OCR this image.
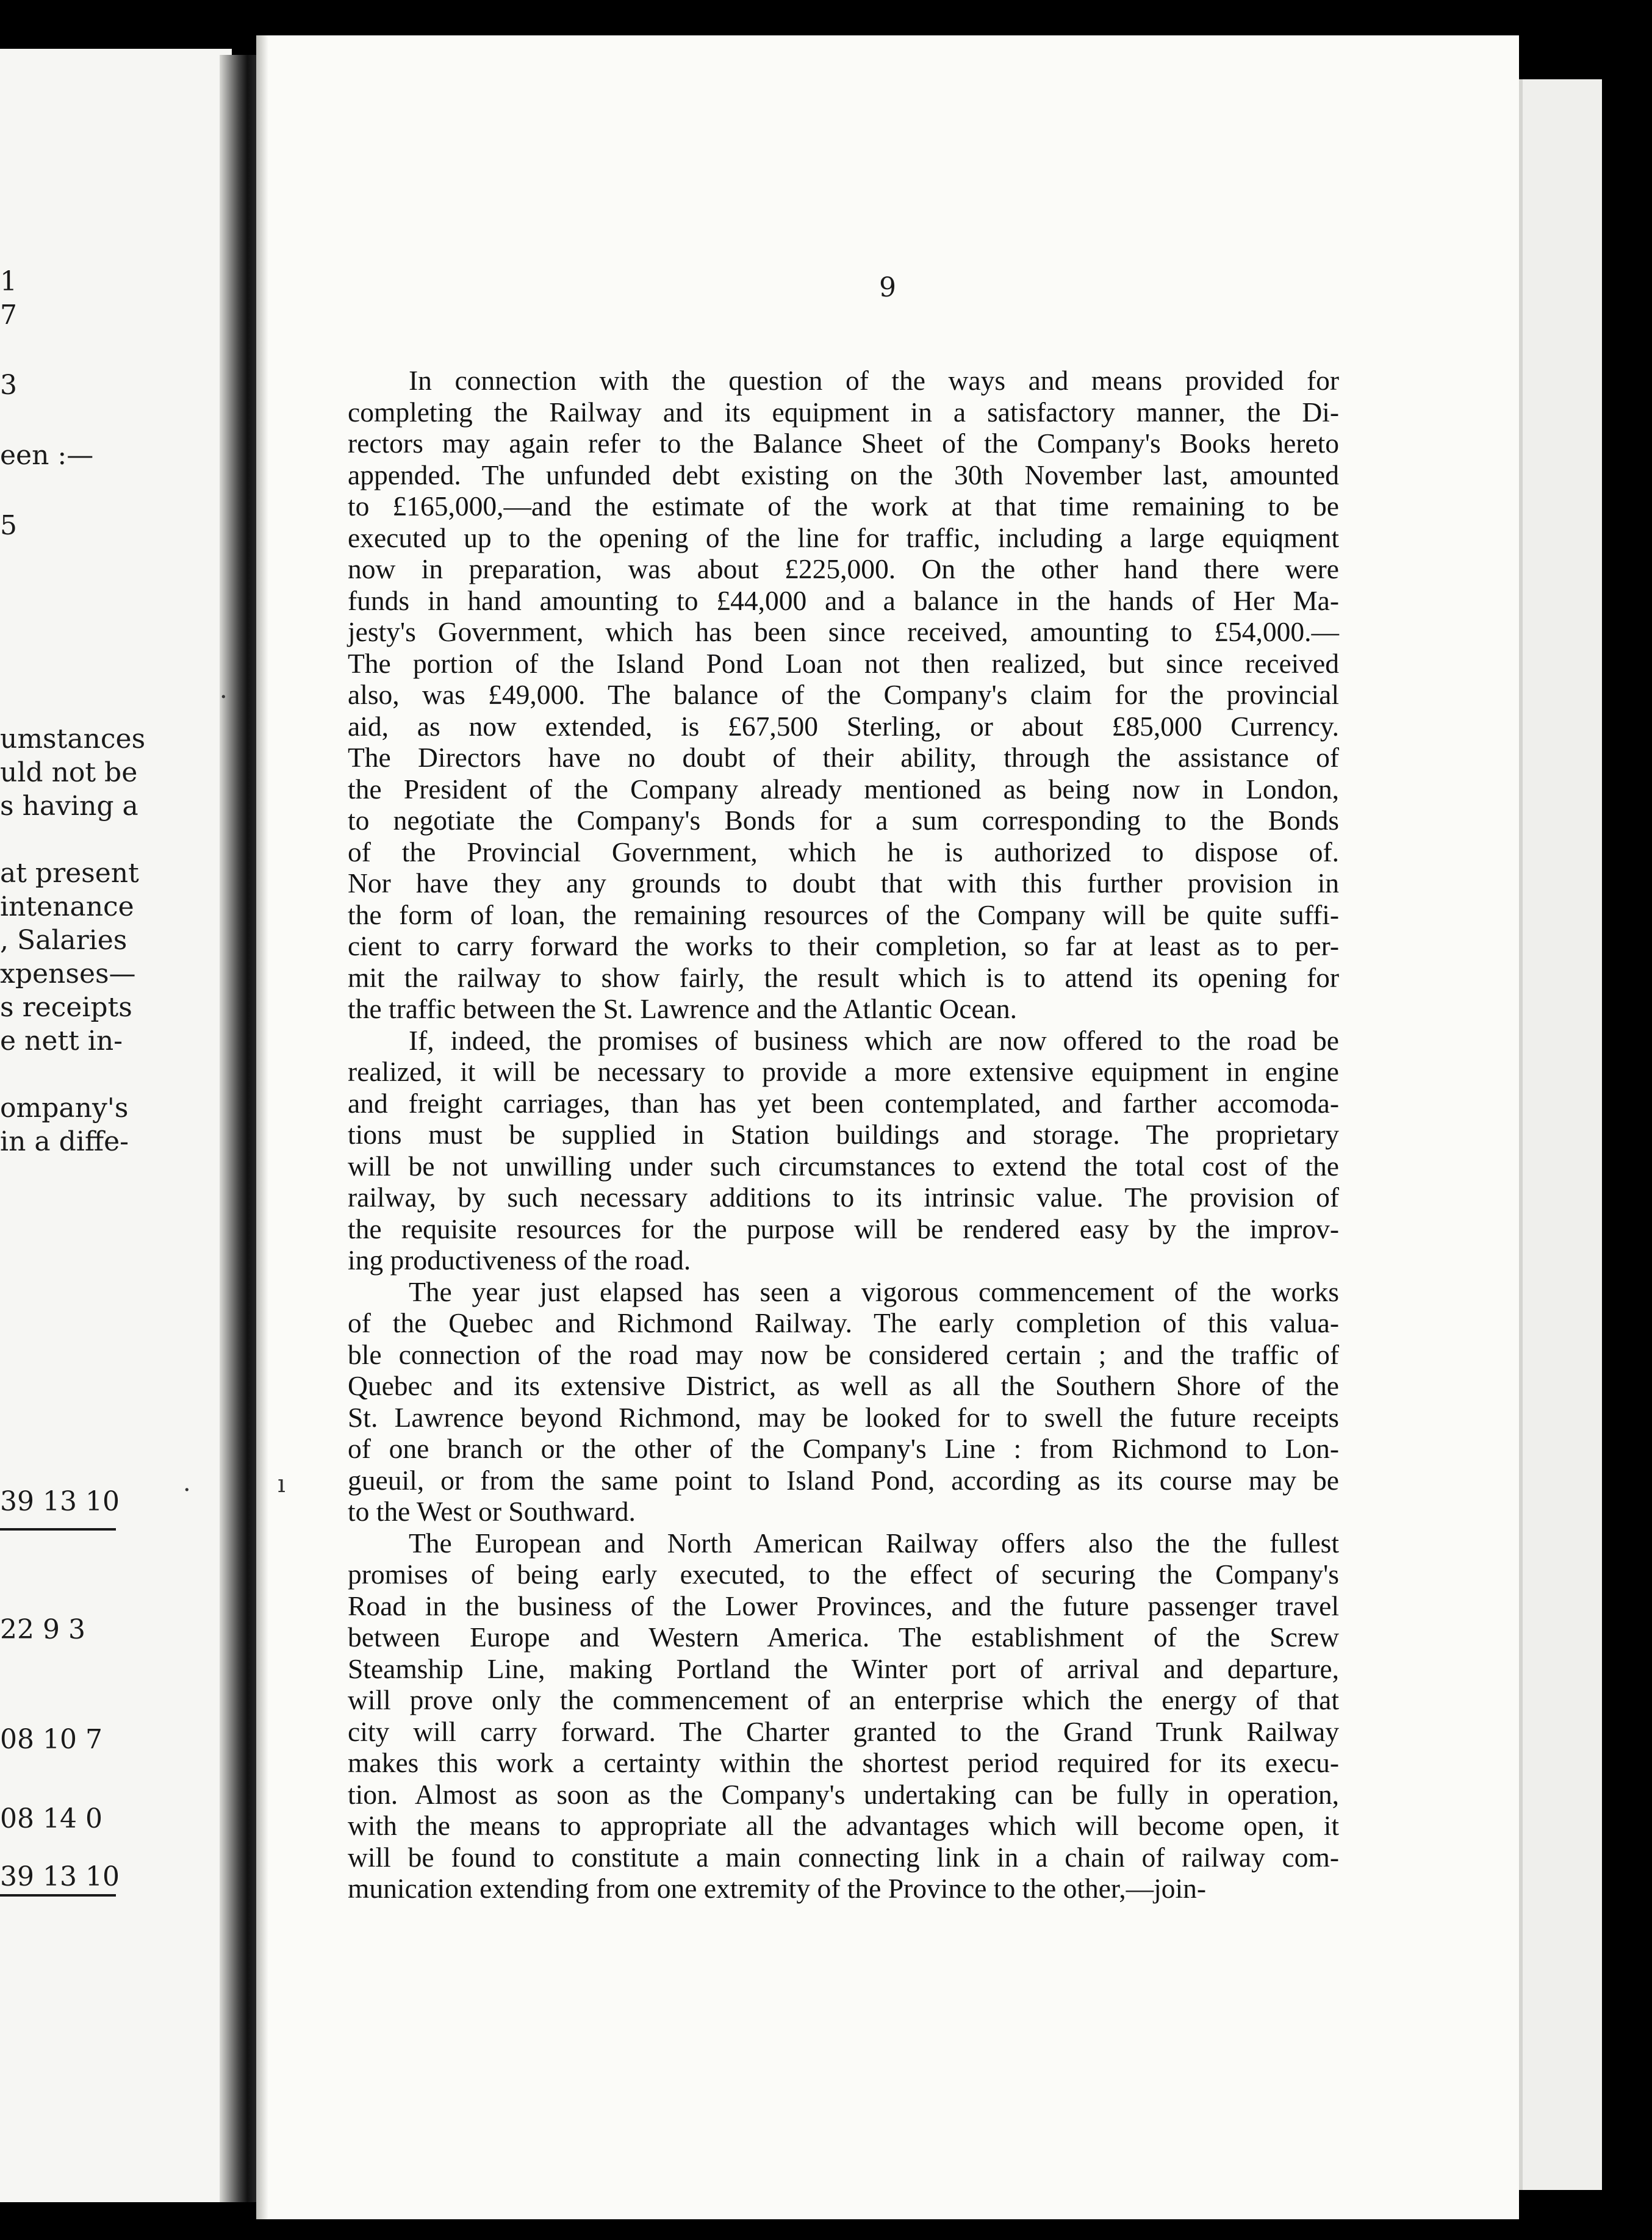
1
7
3
een :—
5
umstances
uld not be
s having a
at present
intenance
, Salaries
xpenses—
s receipts
e nett in-
ompany's
in a diffe-
39 13 10
22 9 3
08 10 7
08 14 0
39 13 10
9
In connection with the question of the ways and means provided for
completing the Railway and its equipment in a satisfactory manner, the Di-
rectors may again refer to the Balance Sheet of the Company's Books hereto
appended. The unfunded debt existing on the 30th November last, amounted
to £165,000,—and the estimate of the work at that time remaining to be
executed up to the opening of the line for traffic, including a large equiqment
now in preparation, was about £225,000. On the other hand there were
funds in hand amounting to £44,000 and a balance in the hands of Her Ma-
jesty's Government, which has been since received, amounting to £54,000.—
The portion of the Island Pond Loan not then realized, but since received
also, was £49,000. The balance of the Company's claim for the provincial
aid, as now extended, is £67,500 Sterling, or about £85,000 Currency.
The Directors have no doubt of their ability, through the assistance of
the President of the Company already mentioned as being now in London,
to negotiate the Company's Bonds for a sum corresponding to the Bonds
of the Provincial Government, which he is authorized to dispose of.
Nor have they any grounds to doubt that with this further provision in
the form of loan, the remaining resources of the Company will be quite suffi-
cient to carry forward the works to their completion, so far at least as to per-
mit the railway to show fairly, the result which is to attend its opening for
the traffic between the St. Lawrence and the Atlantic Ocean.
If, indeed, the promises of business which are now offered to the road be
realized, it will be necessary to provide a more extensive equipment in engine
and freight carriages, than has yet been contemplated, and farther accomoda-
tions must be supplied in Station buildings and storage. The proprietary
will be not unwilling under such circumstances to extend the total cost of the
railway, by such necessary additions to its intrinsic value. The provision of
the requisite resources for the purpose will be rendered easy by the improv-
ing productiveness of the road.
The year just elapsed has seen a vigorous commencement of the works
of the Quebec and Richmond Railway. The early completion of this valua-
ble connection of the road may now be considered certain ; and the traffic of
Quebec and its extensive District, as well as all the Southern Shore of the
St. Lawrence beyond Richmond, may be looked for to swell the future receipts
of one branch or the other of the Company's Line : from Richmond to Lon-
gueuil, or from the same point to Island Pond, according as its course may be
to the West or Southward.
The European and North American Railway offers also the the fullest
promises of being early executed, to the effect of securing the Company's
Road in the business of the Lower Provinces, and the future passenger travel
between Europe and Western America. The establishment of the Screw
Steamship Line, making Portland the Winter port of arrival and departure,
will prove only the commencement of an enterprise which the energy of that
city will carry forward. The Charter granted to the Grand Trunk Railway
makes this work a certainty within the shortest period required for its execu-
tion. Almost as soon as the Company's undertaking can be fully in operation,
with the means to appropriate all the advantages which will become open, it
will be found to constitute a main connecting link in a chain of railway com-
munication extending from one extremity of the Province to the other,—join-
·
ı
·
